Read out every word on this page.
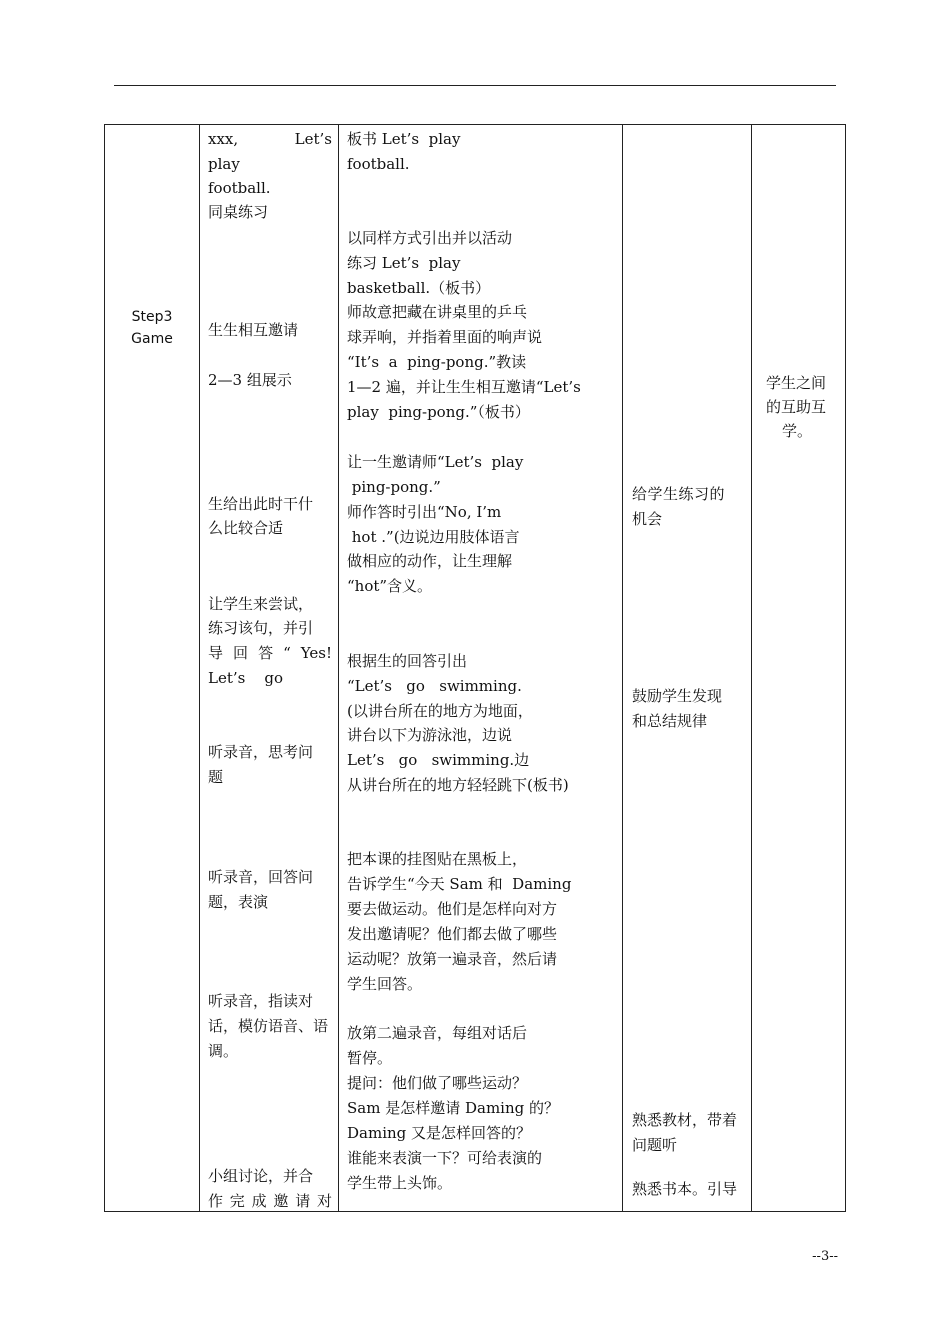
Step3
Game
xxx,	Let’s
play
football.
同桌练习
生生相互邀请
2—3 组展示
生给出此时干什
么比较合适
让学生来尝试，
练习该句，并引
导 回 答 “ Yes!
Let’s    go
听录音，思考问
题
听录音，回答问
题，表演
听录音，指读对
话，模仿语音、语
调。
小组讨论，并合
作 完 成 邀 请 对
板书 Let’s  play
football.
以同样方式引出并以活动
练习 Let’s  play
basketball.（板书）
师故意把藏在讲桌里的乒乓
球弄响，并指着里面的响声说
“It’s  a  ping-pong.”教读
1—2 遍，并让生生相互邀请“Let’s
play  ping-pong.”（板书）
让一生邀请师“Let’s  play
ping-pong.”
师作答时引出“No, I’m
hot .”(边说边用肢体语言
做相应的动作，让生理解
“hot”含义。
根据生的回答引出
“Let’s   go   swimming.
(以讲台所在的地方为地面，
讲台以下为游泳池，边说
Let’s   go   swimming.边
从讲台所在的地方轻轻跳下(板书)
把本课的挂图贴在黑板上，
告诉学生“今天 Sam 和  Daming
要去做运动。他们是怎样向对方
发出邀请呢？他们都去做了哪些
运动呢？放第一遍录音，然后请
学生回答。
放第二遍录音，每组对话后
暂停。
提问：他们做了哪些运动？
Sam 是怎样邀请 Daming 的？
Daming 又是怎样回答的？
谁能来表演一下？可给表演的
学生带上头饰。
给学生练习的
机会
鼓励学生发现
和总结规律
熟悉教材，带着
问题听
熟悉书本。引导
学生之间
的互助互
学。
--3--
